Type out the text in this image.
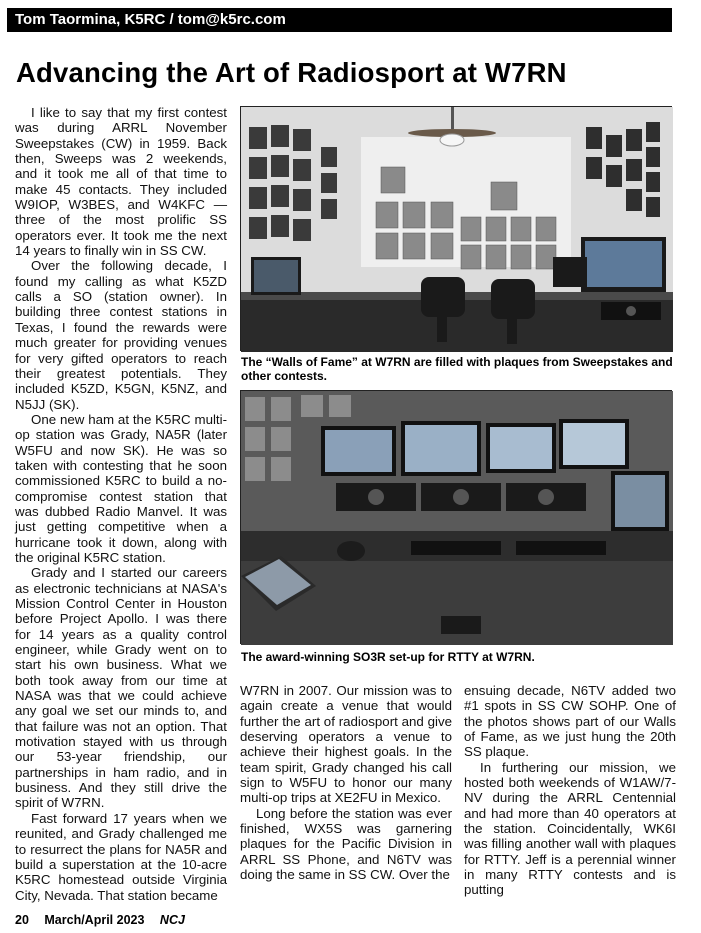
Tom Taormina, K5RC / tom@k5rc.com
Advancing the Art of Radiosport at W7RN

I like to say that my first contest was during ARRL November Sweepstakes (CW) in 1959. Back then, Sweeps was 2 weekends, and it took me all of that time to make 45 contacts. They included W9IOP, W3BES, and W4KFC — three of the most prolific SS operators ever. It took me the next 14 years to finally win in SS CW.

Over the following decade, I found my calling as what K5ZD calls a SO (station owner). In building three contest stations in Texas, I found the rewards were much greater for providing venues for very gifted operators to reach their greatest potentials. They included K5ZD, K5GN, K5NZ, and N5JJ (SK).

One new ham at the K5RC multi-op station was Grady, NA5R (later W5FU and now SK). He was so taken with contesting that he soon commissioned K5RC to build a no-compromise contest station that was dubbed Radio Manvel. It was just getting competitive when a hurricane took it down, along with the original K5RC station.

Grady and I started our careers as electronic technicians at NASA's Mission Control Center in Houston before Project Apollo. I was there for 14 years as a quality control engineer, while Grady went on to start his own business. What we both took away from our time at NASA was that we could achieve any goal we set our minds to, and that failure was not an option. That motivation stayed with us through our 53-year friendship, our partnerships in ham radio, and in business. And they still drive the spirit of W7RN.

Fast forward 17 years when we reunited, and Grady challenged me to resurrect the plans for NA5R and build a superstation at the 10-acre K5RC homestead outside Virginia City, Nevada. That station became

The “Walls of Fame” at W7RN are filled with plaques from Sweepstakes and other contests.
The award-winning SO3R set-up for RTTY at W7RN.

W7RN in 2007. Our mission was to again create a venue that would further the art of radiosport and give deserving operators a venue to achieve their highest goals. In the team spirit, Grady changed his call sign to W5FU to honor our many multi-op trips at XE2FU in Mexico.

Long before the station was ever finished, WX5S was garnering plaques for the Pacific Division in ARRL SS Phone, and N6TV was doing the same in SS CW. Over the

ensuing decade, N6TV added two #1 spots in SS CW SOHP. One of the photos shows part of our Walls of Fame, as we just hung the 20th SS plaque.

In furthering our mission, we hosted both weekends of W1AW/7-NV during the ARRL Centennial and had more than 40 operators at the station. Coincidentally, WK6I was filling another wall with plaques for RTTY. Jeff is a perennial winner in many RTTY contests and is putting

20 March/April 2023 NCJ
